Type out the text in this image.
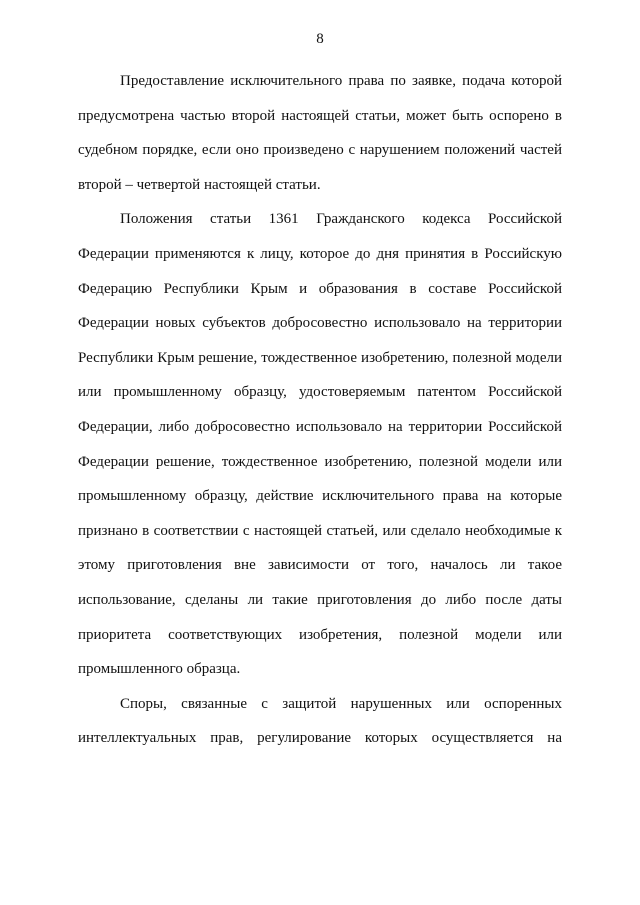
8

Предоставление исключительного права по заявке, подача которой предусмотрена частью второй настоящей статьи, может быть оспорено в судебном порядке, если оно произведено с нарушением положений частей второй – четвертой настоящей статьи.

Положения статьи 1361 Гражданского кодекса Российской Федерации применяются к лицу, которое до дня принятия в Российскую Федерацию Республики Крым и образования в составе Российской Федерации новых субъектов добросовестно использовало на территории Республики Крым решение, тождественное изобретению, полезной модели или промышленному образцу, удостоверяемым патентом Российской Федерации, либо добросовестно использовало на территории Российской Федерации решение, тождественное изобретению, полезной модели или промышленному образцу, действие исключительного права на которые признано в соответствии с настоящей статьей, или сделало необходимые к этому приготовления вне зависимости от того, началось ли такое использование, сделаны ли такие приготовления до либо после даты приоритета соответствующих изобретения, полезной модели или промышленного образца.

Споры, связанные с защитой нарушенных или оспоренных интеллектуальных прав, регулирование которых осуществляется на
